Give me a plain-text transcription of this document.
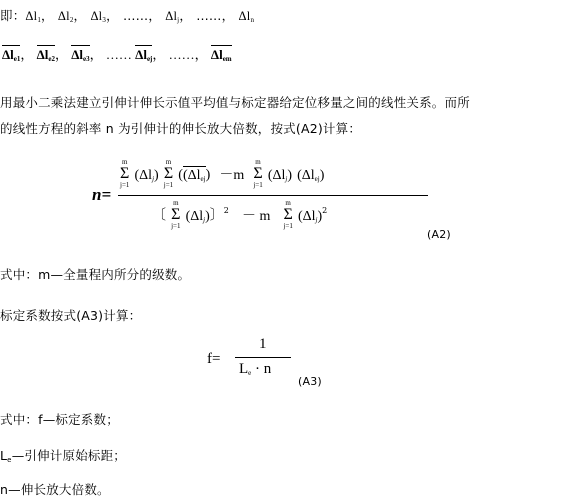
即：$\Delta l_1$， $\Delta l_2$， $\Delta l_3$， ……， $\Delta l_j$， ……， $\Delta l_n$
$\Delta l_{e1}$， $\Delta l_{e2}$， $\Delta l_{e3}$， …… $\Delta l_{ej}$， ……， $\Delta l_{em}$
用最小二乘法建立引伸计伸长示值平均值与标定器给定位移量之间的线性关系。而所
的线性方程的斜率 n 为引伸计的伸长放大倍数，按式(A2)计算：
n=
m
Σ
j=1
$(\Delta l_j)$
m
Σ
j=1
($(\Delta l_{ej}) -m$
m
Σ
j=1
$(\Delta l_j)$ $(\Delta l_{ej})$
〔
m
Σ
j=1
$(\Delta l_j)$〕$^2$ － m
m
Σ
j=1
$(\Delta l_j)^2$
(A2)
式中：m—全量程内所分的级数。
标定系数按式(A3)计算：
f=
1
$L_e \cdot n$
(A3)
式中：f—标定系数；
$L_e—$引伸计原始标距；
n—伸长放大倍数。
